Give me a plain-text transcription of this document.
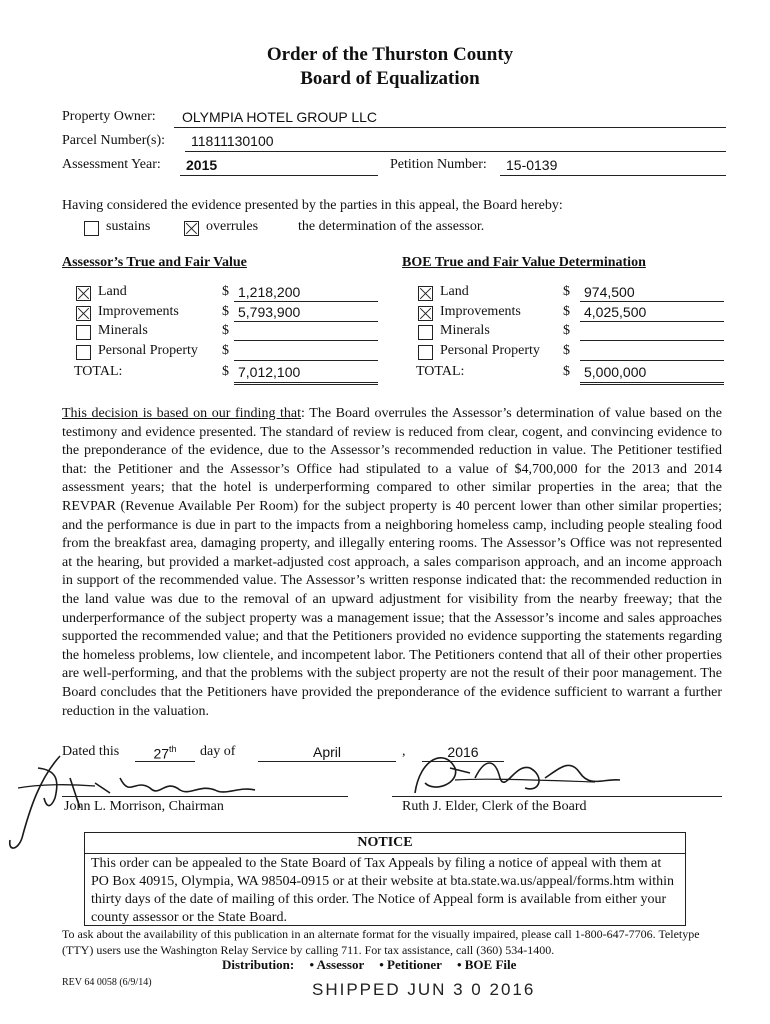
Order of the Thurston County
Board of Equalization
Property Owner:	OLYMPIA HOTEL GROUP LLC
Parcel Number(s):	11811130100
Assessment Year:	2015	Petition Number:	15-0139
Having considered the evidence presented by the parties in this appeal, the Board hereby:
sustains	overrules	the determination of the assessor.
Assessor’s True and Fair Value
Land	$ 1,218,200
Improvements	$ 5,793,900
Minerals	$
Personal Property $
TOTAL:	$ 7,012,100
BOE True and Fair Value Determination
Land	$ 974,500
Improvements	$ 4,025,500
Minerals	$
Personal Property $
TOTAL:	$ 5,000,000
This decision is based on our finding that: The Board overrules the Assessor’s determination of value based on the testimony and evidence presented. The standard of review is reduced from clear, cogent, and convincing evidence to the preponderance of the evidence, due to the Assessor’s recommended reduction in value. The Petitioner testified that: the Petitioner and the Assessor’s Office had stipulated to a value of $4,700,000 for the 2013 and 2014 assessment years; that the hotel is underperforming compared to other similar properties in the area; that the REVPAR (Revenue Available Per Room) for the subject property is 40 percent lower than other similar properties; and the performance is due in part to the impacts from a neighboring homeless camp, including people stealing food from the breakfast area, damaging property, and illegally entering rooms. The Assessor’s Office was not represented at the hearing, but provided a market-adjusted cost approach, a sales comparison approach, and an income approach in support of the recommended value. The Assessor’s written response indicated that: the recommended reduction in the land value was due to the removal of an upward adjustment for visibility from the nearby freeway; that the underperformance of the subject property was a management issue; that the Assessor’s income and sales approaches supported the recommended value; and that the Petitioners provided no evidence supporting the statements regarding the homeless problems, low clientele, and incompetent labor. The Petitioners contend that all of their other properties are well-performing, and that the problems with the subject property are not the result of their poor management. The Board concludes that the Petitioners have provided the preponderance of the evidence sufficient to warrant a further reduction in the valuation.
Dated this	27th	day of	April	,	2016
John L. Morrison, Chairman	Ruth J. Elder, Clerk of the Board
NOTICE
This order can be appealed to the State Board of Tax Appeals by filing a notice of appeal with them at PO Box 40915, Olympia, WA 98504-0915 or at their website at bta.state.wa.us/appeal/forms.htm within thirty days of the date of mailing of this order. The Notice of Appeal form is available from either your county assessor or the State Board.
To ask about the availability of this publication in an alternate format for the visually impaired, please call 1-800-647-7706. Teletype (TTY) users use the Washington Relay Service by calling 711. For tax assistance, call (360) 534-1400.
Distribution: • Assessor • Petitioner • BOE File
REV 64 0058 (6/9/14)	SHIPPED JUN 3 0 2016
